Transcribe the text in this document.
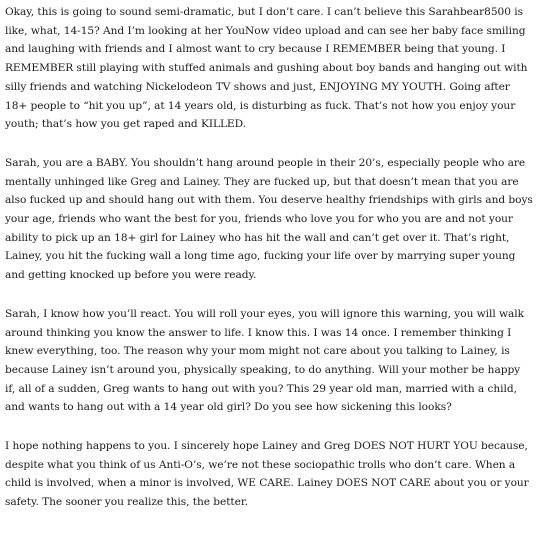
Okay, this is going to sound semi-dramatic, but I don’t care. I can’t believe this Sarahbear8500 is like, what, 14-15? And I’m looking at her YouNow video upload and can see her baby face smiling and laughing with friends and I almost want to cry because I REMEMBER being that young. I REMEMBER still playing with stuffed animals and gushing about boy bands and hanging out with silly friends and watching Nickelodeon TV shows and just, ENJOYING MY YOUTH. Going after 18+ people to “hit you up”, at 14 years old, is disturbing as fuck. That’s not how you enjoy your youth; that’s how you get raped and KILLED.

Sarah, you are a BABY. You shouldn’t hang around people in their 20’s, especially people who are mentally unhinged like Greg and Lainey. They are fucked up, but that doesn’t mean that you are also fucked up and should hang out with them. You deserve healthy friendships with girls and boys your age, friends who want the best for you, friends who love you for who you are and not your ability to pick up an 18+ girl for Lainey who has hit the wall and can’t get over it. That’s right, Lainey, you hit the fucking wall a long time ago, fucking your life over by marrying super young and getting knocked up before you were ready.

Sarah, I know how you’ll react. You will roll your eyes, you will ignore this warning, you will walk around thinking you know the answer to life. I know this. I was 14 once. I remember thinking I knew everything, too. The reason why your mom might not care about you talking to Lainey, is because Lainey isn’t around you, physically speaking, to do anything. Will your mother be happy if, all of a sudden, Greg wants to hang out with you? This 29 year old man, married with a child, and wants to hang out with a 14 year old girl? Do you see how sickening this looks?

I hope nothing happens to you. I sincerely hope Lainey and Greg DOES NOT HURT YOU because, despite what you think of us Anti-O’s, we’re not these sociopathic trolls who don’t care. When a child is involved, when a minor is involved, WE CARE. Lainey DOES NOT CARE about you or your safety. The sooner you realize this, the better.
